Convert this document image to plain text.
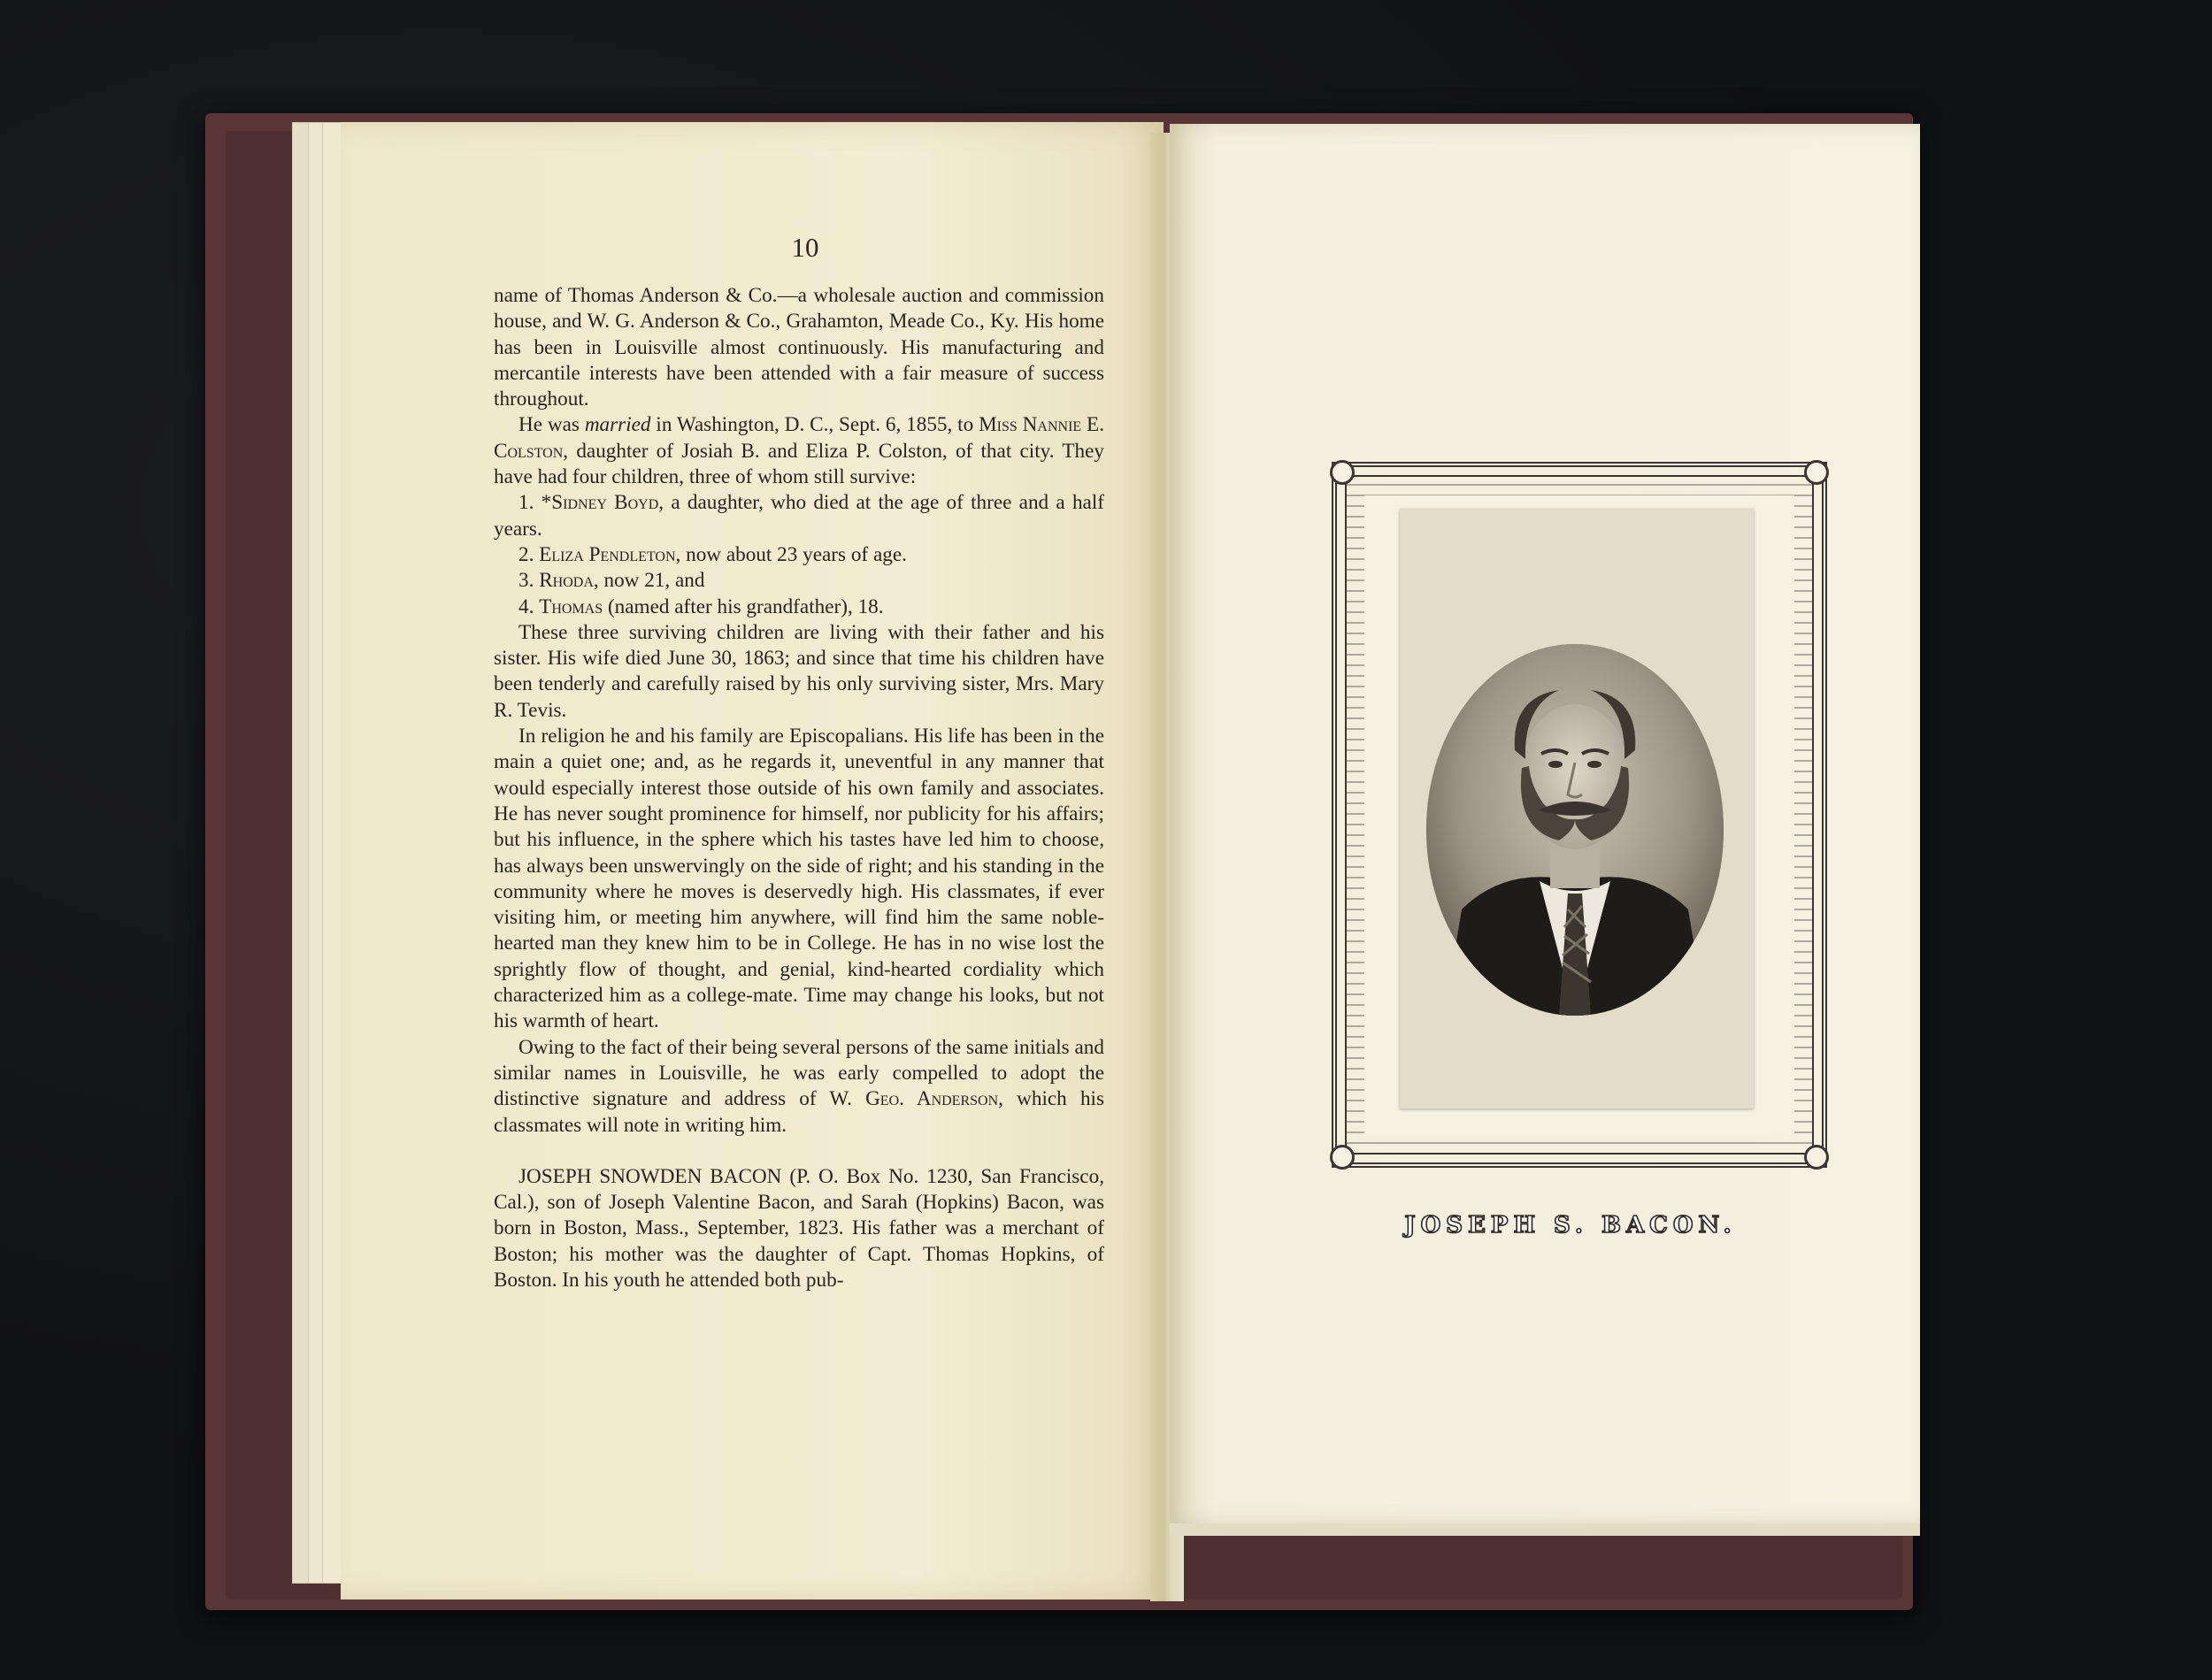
10

name of Thomas Anderson & Co.—a wholesale auction and commission house, and W. G. Anderson & Co., Grahamton, Meade Co., Ky. His home has been in Louisville almost continuously. His manufacturing and mercantile interests have been attended with a fair measure of success throughout.

He was married in Washington, D. C., Sept. 6, 1855, to Miss Nannie E. Colston, daughter of Josiah B. and Eliza P. Colston, of that city. They have had four children, three of whom still survive:

1. *Sidney Boyd, a daughter, who died at the age of three and a half years.

2. Eliza Pendleton, now about 23 years of age.

3. Rhoda, now 21, and

4. Thomas (named after his grandfather), 18.

These three surviving children are living with their father and his sister. His wife died June 30, 1863; and since that time his children have been tenderly and carefully raised by his only surviving sister, Mrs. Mary R. Tevis.

In religion he and his family are Episcopalians. His life has been in the main a quiet one; and, as he regards it, uneventful in any manner that would especially interest those outside of his own family and associates. He has never sought prominence for himself, nor publicity for his affairs; but his influence, in the sphere which his tastes have led him to choose, has always been unswervingly on the side of right; and his standing in the community where he moves is deservedly high. His classmates, if ever visiting him, or meeting him anywhere, will find him the same noble-hearted man they knew him to be in College. He has in no wise lost the sprightly flow of thought, and genial, kind-hearted cordiality which characterized him as a college-mate. Time may change his looks, but not his warmth of heart.

Owing to the fact of their being several persons of the same initials and similar names in Louisville, he was early compelled to adopt the distinctive signature and address of W. Geo. Anderson, which his classmates will note in writing him.

JOSEPH SNOWDEN BACON (P. O. Box No. 1230, San Francisco, Cal.), son of Joseph Valentine Bacon, and Sarah (Hopkins) Bacon, was born in Boston, Mass., September, 1823. His father was a merchant of Boston; his mother was the daughter of Capt. Thomas Hopkins, of Boston. In his youth he attended both pub-

JOSEPH S. BACON.
